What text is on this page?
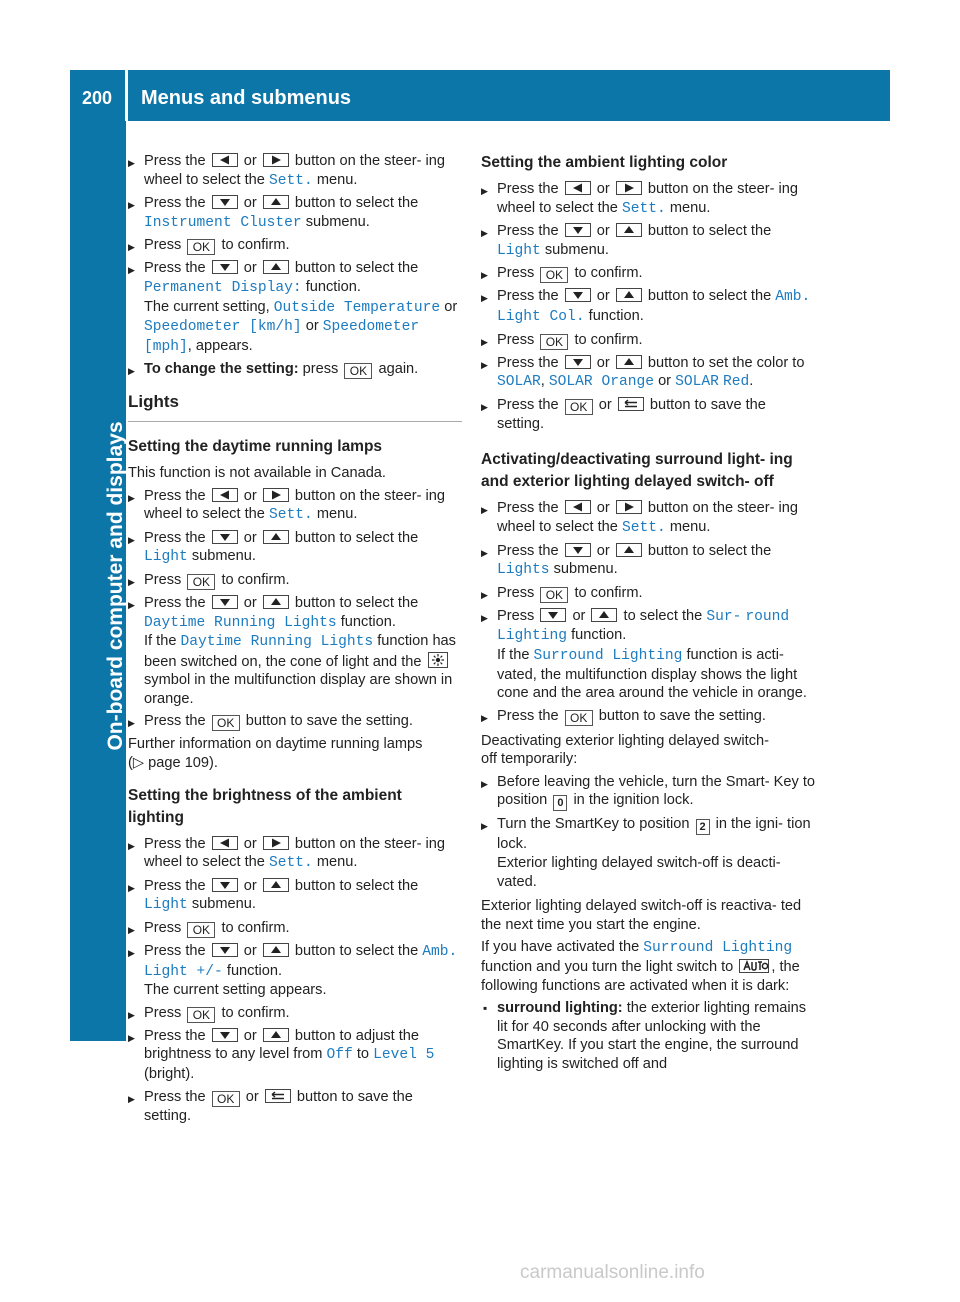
200 Menus and submenus
On-board computer and displays
▶ Press the	or	button on the steer- ing wheel to select the Sett. menu.
▶ Press the	or	button to select the Instrument Cluster submenu.
▶ Press OK to confirm.
▶ Press the	or	button to select the Permanent Display: function.
The current setting, Outside Temperature or Speedometer [km/h] or Speedometer [mph], appears.
▶ To change the setting: press OK again.
Lights
Setting the daytime running lamps

This function is not available in Canada.

▶ Press the	or	button on the steer- ing wheel to select the Sett. menu.
▶ Press the	or	button to select the Light submenu.
▶ Press OK to confirm.
▶ Press the	or	button to select the Daytime Running Lights function.
If the Daytime Running Lights function has been switched on, the cone of light and the  symbol in the multifunction display are shown in orange.
▶ Press the OK button to save the setting.

Further information on daytime running lamps
(▷ page 109).

Setting the brightness of the ambient lighting
▶ Press the	or	button on the steer- ing wheel to select the Sett. menu.
▶ Press the	or	button to select the Light submenu.
▶ Press OK to confirm.
▶ Press the	or	button to select the Amb. Light +/- function.
The current setting appears.
▶ Press OK to confirm.
▶ Press the	or	button to adjust the brightness to any level from Off to Level 5 (bright).
▶ Press the OK or	button to save the setting.
Setting the ambient lighting color
▶ Press the	or	button on the steer- ing wheel to select the Sett. menu.
▶ Press the	or	button to select the Light submenu.
▶ Press OK to confirm.
▶ Press the	or	button to select the Amb. Light Col. function.
▶ Press OK to confirm.
▶ Press the	or	button to set the color to SOLAR, SOLAR Orange or SOLAR Red.
▶ Press the OK or	button to save the setting.
Activating/deactivating surround light- ing and exterior lighting delayed switch- off
▶ Press the	or	button on the steer- ing wheel to select the Sett. menu.
▶ Press the	or	button to select the Lights submenu.
▶ Press OK to confirm.
▶ Press	or	to select the Sur- round Lighting function.
If the Surround Lighting function is acti- vated, the multifunction display shows the light cone and the area around the vehicle in orange.
▶ Press the OK button to save the setting.

Deactivating exterior lighting delayed switch-
off temporarily:

▶ Before leaving the vehicle, turn the Smart- Key to position 0 in the ignition lock.
▶ Turn the SmartKey to position 2 in the igni- tion lock.
Exterior lighting delayed switch-off is deacti- vated.

Exterior lighting delayed switch-off is reactiva- ted the next time you start the engine.

If you have activated the Surround Lighting function and you turn the light switch to	, the following functions are activated when it is dark:

▪ surround lighting: the exterior lighting remains lit for 40 seconds after unlocking with the SmartKey. If you start the engine, the surround lighting is switched off and
carmanualsonline.info
